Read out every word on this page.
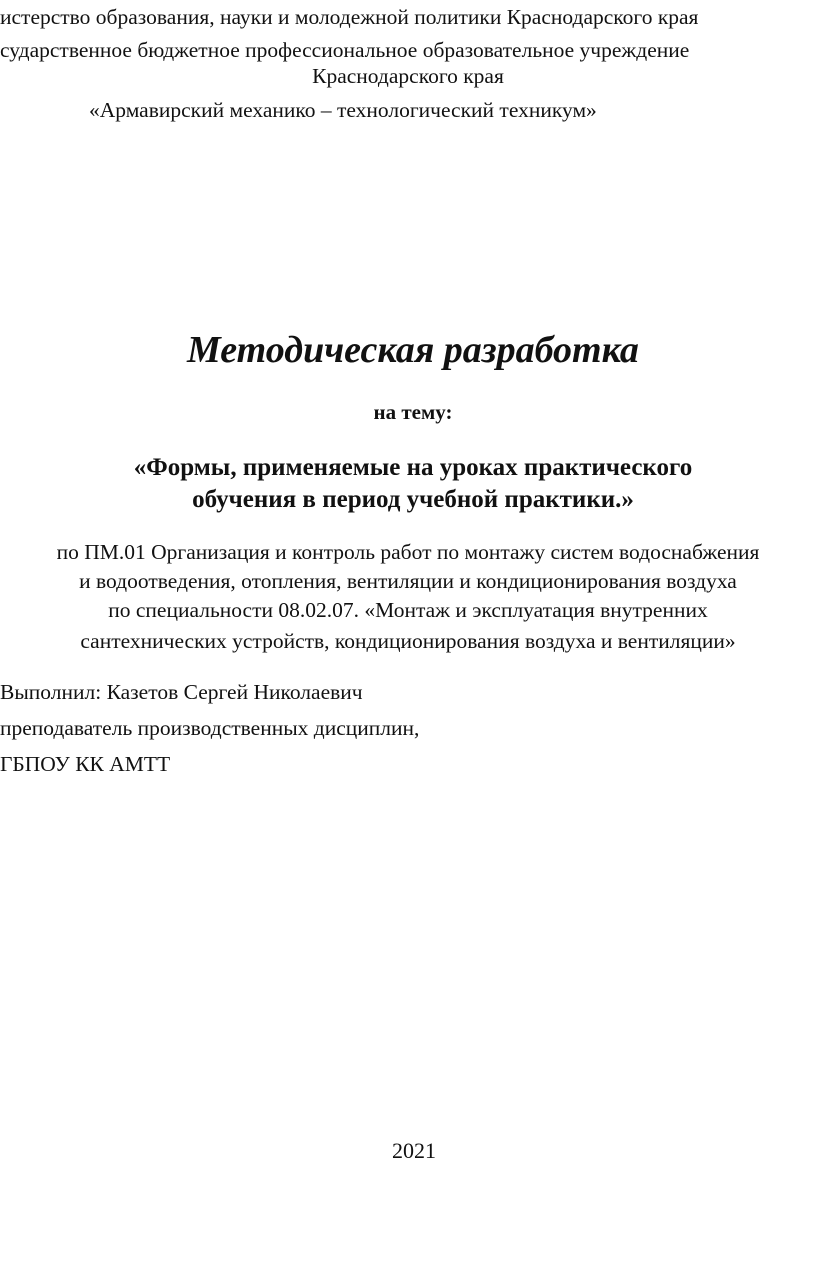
истерство образования, науки и молодежной политики Краснодарского края
сударственное бюджетное профессиональное образовательное учреждение
Краснодарского края
«Армавирский механико – технологический техникум»
Методическая разработка
на тему:
«Формы, применяемые на уроках практического
обучения в период учебной практики.»
по ПМ.01 Организация и контроль работ по монтажу систем водоснабжения
и водоотведения, отопления, вентиляции и кондиционирования воздуха
по специальности 08.02.07. «Монтаж и эксплуатация внутренних
сантехнических устройств, кондиционирования воздуха и вентиляции»
Выполнил: Казетов Сергей Николаевич
преподаватель производственных дисциплин,
ГБПОУ КК АМТТ
2021
